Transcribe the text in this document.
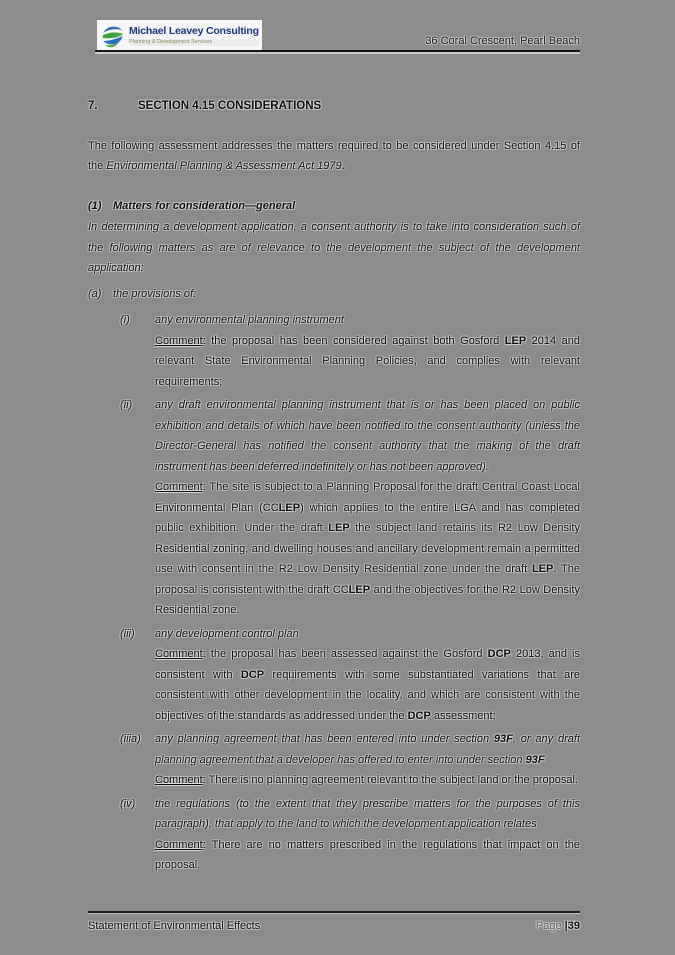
Michael Leavey Consulting
Planning & Development Services	36 Coral Crescent, Pearl Beach
7.	SECTION 4.15 CONSIDERATIONS

The following assessment addresses the matters required to be considered under Section 4.15 of the Environmental Planning & Assessment Act 1979.

(1)	Matters for consideration—general

In determining a development application, a consent authority is to take into consideration such of the following matters as are of relevance to the development the subject of the development application:

(a)	the provisions of:
(i)	any environmental planning instrument

Comment: the proposal has been considered against both Gosford LEP 2014 and relevant State Environmental Planning Policies, and complies with relevant requirements;

(ii)	any draft environmental planning instrument that is or has been placed on public exhibition and details of which have been notified to the consent authority (unless the Director-General has notified the consent authority that the making of the draft instrument has been deferred indefinitely or has not been approved).

Comment: The site is subject to a Planning Proposal for the draft Central Coast Local Environmental Plan (CCLEP) which applies to the entire LGA and has completed public exhibition. Under the draft LEP the subject land retains its R2 Low Density Residential zoning, and dwelling houses and ancillary development remain a permitted use with consent in the R2 Low Density Residential zone under the draft LEP. The proposal is consistent with the draft CCLEP and the objectives for the R2 Low Density Residential zone.

(iii)	any development control plan

Comment: the proposal has been assessed against the Gosford DCP 2013, and is consistent with DCP requirements with some substantiated variations that are consistent with other development in the locality, and which are consistent with the objectives of the standards as addressed under the DCP assessment;

(iiia)	any planning agreement that has been entered into under section 93F, or any draft planning agreement that a developer has offered to enter into under section 93F

Comment: There is no planning agreement relevant to the subject land or the proposal.

(iv)	the regulations (to the extent that they prescribe matters for the purposes of this paragraph), that apply to the land to which the development application relates

Comment: There are no matters prescribed in the regulations that impact on the proposal.

Statement of Environmental Effects	Page |39
